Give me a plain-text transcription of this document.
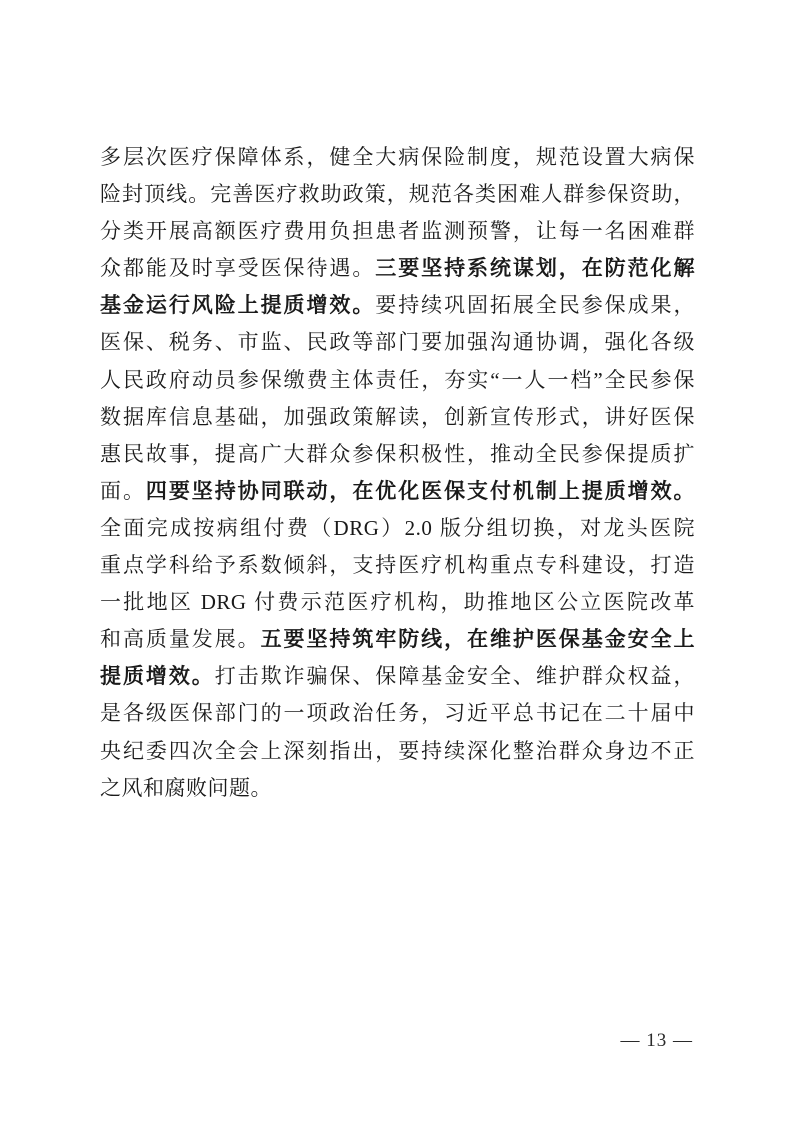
多层次医疗保障体系，健全大病保险制度，规范设置大病保
险封顶线。完善医疗救助政策，规范各类困难人群参保资助，
分类开展高额医疗费用负担患者监测预警，让每一名困难群
众都能及时享受医保待遇。三要坚持系统谋划，在防范化解
基金运行风险上提质增效。要持续巩固拓展全民参保成果，
医保、税务、市监、民政等部门要加强沟通协调，强化各级
人民政府动员参保缴费主体责任，夯实“一人一档”全民参保
数据库信息基础，加强政策解读，创新宣传形式，讲好医保
惠民故事，提高广大群众参保积极性，推动全民参保提质扩
面。四要坚持协同联动，在优化医保支付机制上提质增效。
全面完成按病组付费（DRG）2.0 版分组切换，对龙头医院
重点学科给予系数倾斜，支持医疗机构重点专科建设，打造
一批地区 DRG 付费示范医疗机构，助推地区公立医院改革
和高质量发展。五要坚持筑牢防线，在维护医保基金安全上
提质增效。打击欺诈骗保、保障基金安全、维护群众权益，
是各级医保部门的一项政治任务，习近平总书记在二十届中
央纪委四次全会上深刻指出，要持续深化整治群众身边不正
之风和腐败问题。
— 13 —
